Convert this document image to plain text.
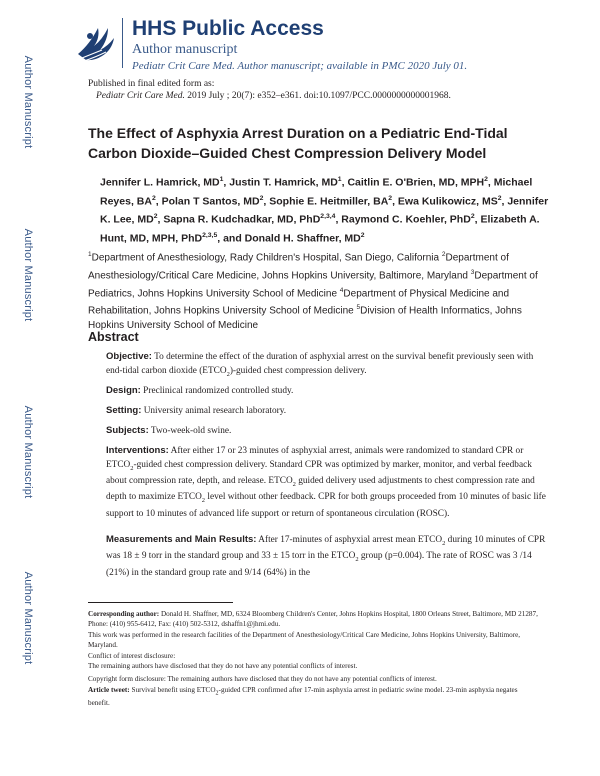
Author Manuscript
Author Manuscript
Author Manuscript
Author Manuscript
HHS Public Access
Author manuscript
Pediatr Crit Care Med. Author manuscript; available in PMC 2020 July 01.
Published in final edited form as:
Pediatr Crit Care Med. 2019 July ; 20(7): e352–e361. doi:10.1097/PCC.0000000000001968.
The Effect of Asphyxia Arrest Duration on a Pediatric End-Tidal Carbon Dioxide–Guided Chest Compression Delivery Model
Jennifer L. Hamrick, $MD^1$, Justin T. Hamrick, $MD^1$, Caitlin E. O'Brien, MD, MPH$^2$, Michael Reyes, $BA^2$, Polan T Santos, $MD^2$, Sophie E. Heitmiller, $BA^2$, Ewa Kulikowicz, $MS^2$, Jennifer K. Lee, $MD^2$, Sapna R. Kudchadkar, MD, PhD$^{2,3,4}$, Raymond C. Koehler, PhD$^2$, Elizabeth A. Hunt, MD, MPH, PhD$^{2,3,5}$, and Donald H. Shaffner, $MD^2$
$^1$Department of Anesthesiology, Rady Children's Hospital, San Diego, California $^2$Department of Anesthesiology/Critical Care Medicine, Johns Hopkins University, Baltimore, Maryland $^3$Department of Pediatrics, Johns Hopkins University School of Medicine $^4$Department of Physical Medicine and Rehabilitation, Johns Hopkins University School of Medicine $^5$Division of Health Informatics, Johns Hopkins University School of Medicine
Abstract
Objective: To determine the effect of the duration of asphyxial arrest on the survival benefit previously seen with end-tidal carbon dioxide $(ETCO_2)$-guided chest compression delivery.
Design: Preclinical randomized controlled study.
Setting: University animal research laboratory.
Subjects: Two-week-old swine.
Interventions: After either 17 or 23 minutes of asphyxial arrest, animals were randomized to standard CPR or $ETCO_2$-guided chest compression delivery. Standard CPR was optimized by marker, monitor, and verbal feedback about compression rate, depth, and release. $ETCO_2$ guided delivery used adjustments to chest compression rate and depth to maximize $ETCO_2$ level without other feedback. CPR for both groups proceeded from 10 minutes of basic life support to 10 minutes of advanced life support or return of spontaneous circulation (ROSC).
Measurements and Main Results: After 17-minutes of asphyxial arrest mean $ETCO_2$ during 10 minutes of CPR was 18 ± 9 torr in the standard group and 33 ± 15 torr in the $ETCO_2$ group (p=0.004). The rate of ROSC was 3 /14 (21%) in the standard group rate and 9/14 (64%) in the
Corresponding author: Donald H. Shaffner, MD, 6324 Bloomberg Children's Center, Johns Hopkins Hospital, 1800 Orleans Street, Baltimore, MD 21287, Phone: (410) 955-6412, Fax: (410) 502-5312, dshaffn1@jhmi.edu.
This work was performed in the research facilities of the Department of Anesthesiology/Critical Care Medicine, Johns Hopkins University, Baltimore, Maryland.
Conflict of interest disclosure:
The remaining authors have disclosed that they do not have any potential conflicts of interest.
Copyright form disclosure: The remaining authors have disclosed that they do not have any potential conflicts of interest.
Article tweet: Survival benefit using $ETCO_2$-guided CPR confirmed after 17-min asphyxia arrest in pediatric swine model. 23-min asphyxia negates benefit.
